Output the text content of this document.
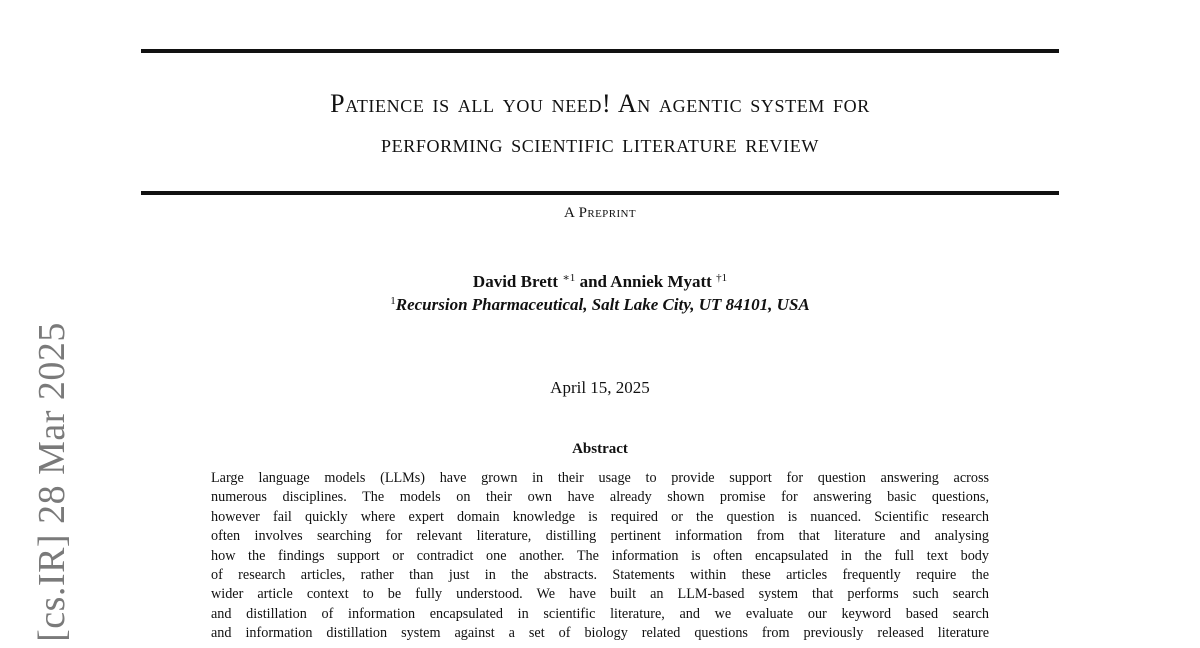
Patience is all you need! An agentic system for
performing scientific literature review
A Preprint
David Brett $^{∗1}$ and Anniek Myatt $^{\dagger 1}$
$^1$Recursion Pharmaceutical, Salt Lake City, UT 84101, USA
April 15, 2025
Abstract
Large language models (LLMs) have grown in their usage to provide support for question answering across
numerous disciplines. The models on their own have already shown promise for answering basic questions,
however fail quickly where expert domain knowledge is required or the question is nuanced. Scientific research
often involves searching for relevant literature, distilling pertinent information from that literature and analysing
how the findings support or contradict one another. The information is often encapsulated in the full text body
of research articles, rather than just in the abstracts. Statements within these articles frequently require the
wider article context to be fully understood. We have built an LLM-based system that performs such search
and distillation of information encapsulated in scientific literature, and we evaluate our keyword based search
and information distillation system against a set of biology related questions from previously released literature
[cs.IR] 28 Mar 2025
